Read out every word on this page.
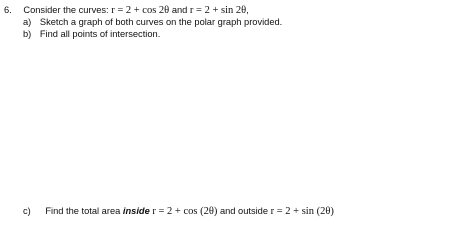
6. Consider the curves: r = 2 + cos 2θ and r = 2 + sin 2θ,
a) Sketch a graph of both curves on the polar graph provided.
b) Find all points of intersection.
c) Find the total area inside r = 2 + cos (2θ) and outside r = 2 + sin (2θ)
